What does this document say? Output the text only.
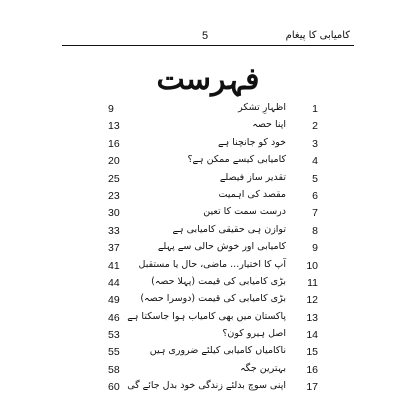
5	کامیابی کا پیغام
فہرست
9	اظہارِ تشکر	1
13	اپنا حصہ	2
16	خود کو جانچنا ہے	3
20	کامیابی کیسے ممکن ہے؟	4
25	تقدیر ساز فیصلے	5
23	مقصد کی اہمیت	6
30	درست سمت کا تعین	7
33	توازن ہی حقیقی کامیابی ہے	8
37	کامیابی اور خوش حالی سے پہلے	9
41 آپ کا اختیار... ماضی، حال یا مستقبل 10
44	بڑی کامیابی کی قیمت (پہلا حصہ) 11
49 بڑی کامیابی کی قیمت (دوسرا حصہ) 12
46 پاکستان میں بھی کامیاب ہوا جاسکتا ہے 13
53	اصل ہیرو کون؟ 14
55	ناکامیاں کامیابی کیلئے ضروری ہیں 15
58	بہترین جگہ 16
60 اپنی سوچ بدلئے زندگی خود بدل جائے گی 17
